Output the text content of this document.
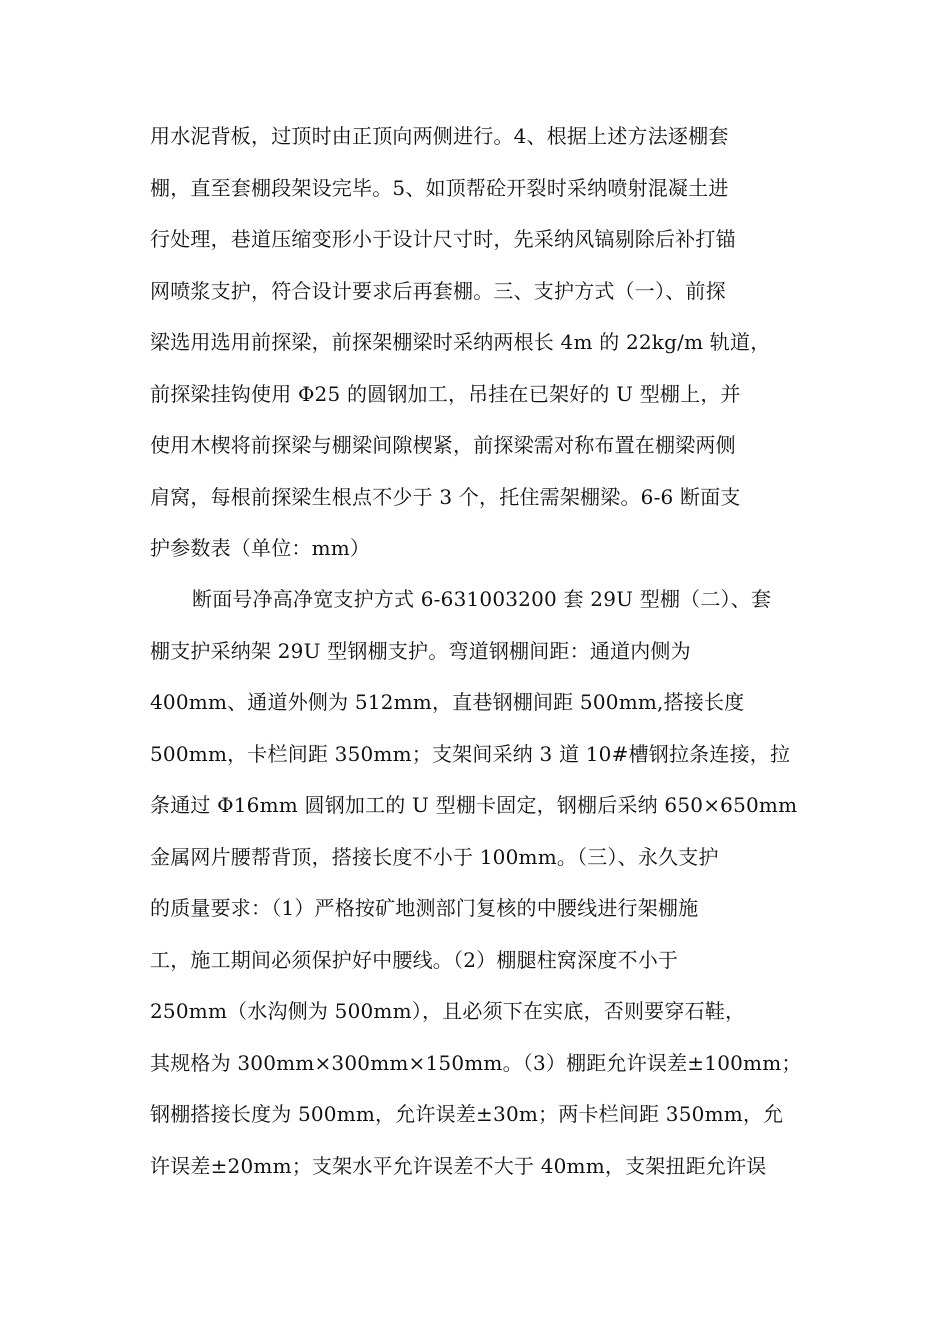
用水泥背板，过顶时由正顶向两侧进行。4、根据上述方法逐棚套
棚，直至套棚段架设完毕。5、如顶帮砼开裂时采纳喷射混凝土进
行处理，巷道压缩变形小于设计尺寸时，先采纳风镐剔除后补打锚
网喷浆支护，符合设计要求后再套棚。三、支护方式（一）、前探
梁选用选用前探梁，前探架棚梁时采纳两根长 4m 的 22kg/m 轨道，
前探梁挂钩使用 Φ25 的圆钢加工，吊挂在已架好的 U 型棚上，并
使用木楔将前探梁与棚梁间隙楔紧，前探梁需对称布置在棚梁两侧
肩窝，每根前探梁生根点不少于 3 个，托住需架棚梁。6-6 断面支
护参数表（单位：mm）
断面号净高净宽支护方式 6-631003200 套 29U 型棚（二）、套
棚支护采纳架 29U 型钢棚支护。弯道钢棚间距：通道内侧为
400mm、通道外侧为 512mm，直巷钢棚间距 500mm,搭接长度
500mm，卡栏间距 350mm；支架间采纳 3 道 10#槽钢拉条连接，拉
条通过 Φ16mm 圆钢加工的 U 型棚卡固定，钢棚后采纳 650×650mm
金属网片腰帮背顶，搭接长度不小于 100mm。（三）、永久支护
的质量要求：（1）严格按矿地测部门复核的中腰线进行架棚施
工，施工期间必须保护好中腰线。（2）棚腿柱窝深度不小于
250mm（水沟侧为 500mm），且必须下在实底，否则要穿石鞋，
其规格为 300mm×300mm×150mm。（3）棚距允许误差±100mm；
钢棚搭接长度为 500mm，允许误差±30m；两卡栏间距 350mm，允
许误差±20mm；支架水平允许误差不大于 40mm，支架扭距允许误
